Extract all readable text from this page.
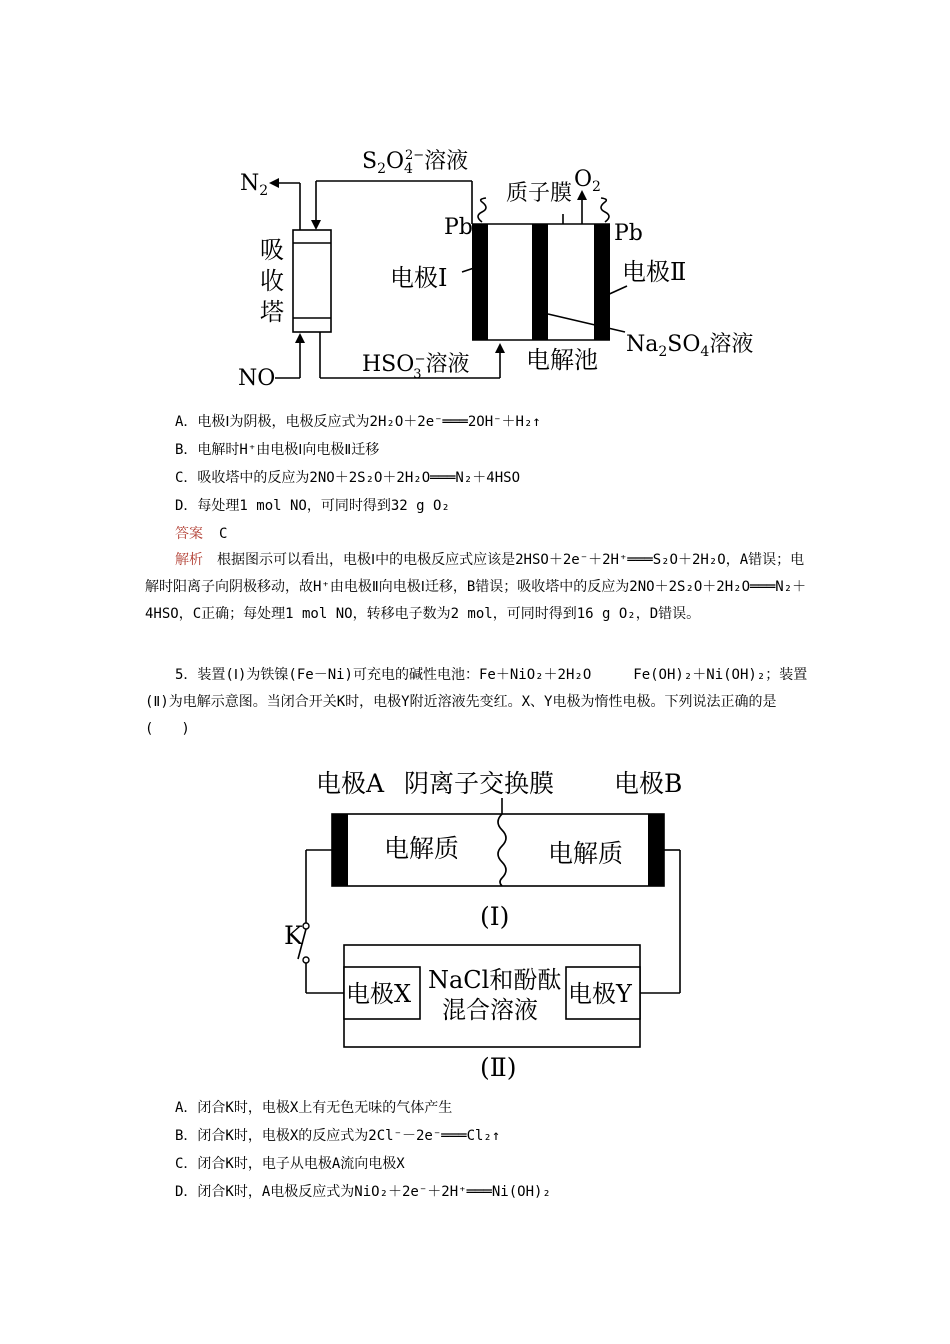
$S_2O_42-$溶液
$N_2$	$O_2$
质子膜
Pb	Pb
吸
收
塔
电极Ⅰ	电极Ⅱ
$Na_2SO_4$溶液
NO
HSO3−溶液 电解池
A．电极Ⅰ为阴极，电极反应式为2H₂O＋2e⁻═══2OH⁻＋H₂↑
B．电解时H⁺由电极Ⅰ向电极Ⅱ迁移
C．吸收塔中的反应为2NO＋2S₂O＋2H₂O═══N₂＋4HSO
D．每处理1 mol NO，可同时得到32 g O₂
答案 C

解析　 根据图示可以看出，电极Ⅰ中的电极反应式应该是2HSO＋2e⁻＋2H⁺═══S₂O＋2H₂O，A错误；电解时阳离子向阴极移动，故H⁺由电极Ⅱ向电极Ⅰ迁移，B错误；吸收塔中的反应为2NO＋2S₂O＋2H₂O═══N₂＋4HSO，C正确；每处理1 mol NO，转移电子数为2 mol，可同时得到16 g O₂，D错误。

5．装置(Ⅰ)为铁镍(Fe－Ni)可充电的碱性电池：Fe＋NiO₂＋2H₂O　　　Fe(OH)₂＋Ni(OH)₂；装置(Ⅱ)为电解示意图。当闭合开关K时，电极Y附近溶液先变红。X、Y电极为惰性电极。下列说法正确的是(　　)

电极A 阴离子交换膜 电极B
电解质	电解质
(Ⅰ)
K
电极X NaCl和酚酞
混合溶液
电极Y
(Ⅱ)
A．闭合K时，电极X上有无色无味的气体产生
B．闭合K时，电极X的反应式为2Cl⁻－2e⁻═══Cl₂↑
C．闭合K时，电子从电极A流向电极X
D．闭合K时，A电极反应式为NiO₂＋2e⁻＋2H⁺═══Ni(OH)₂
